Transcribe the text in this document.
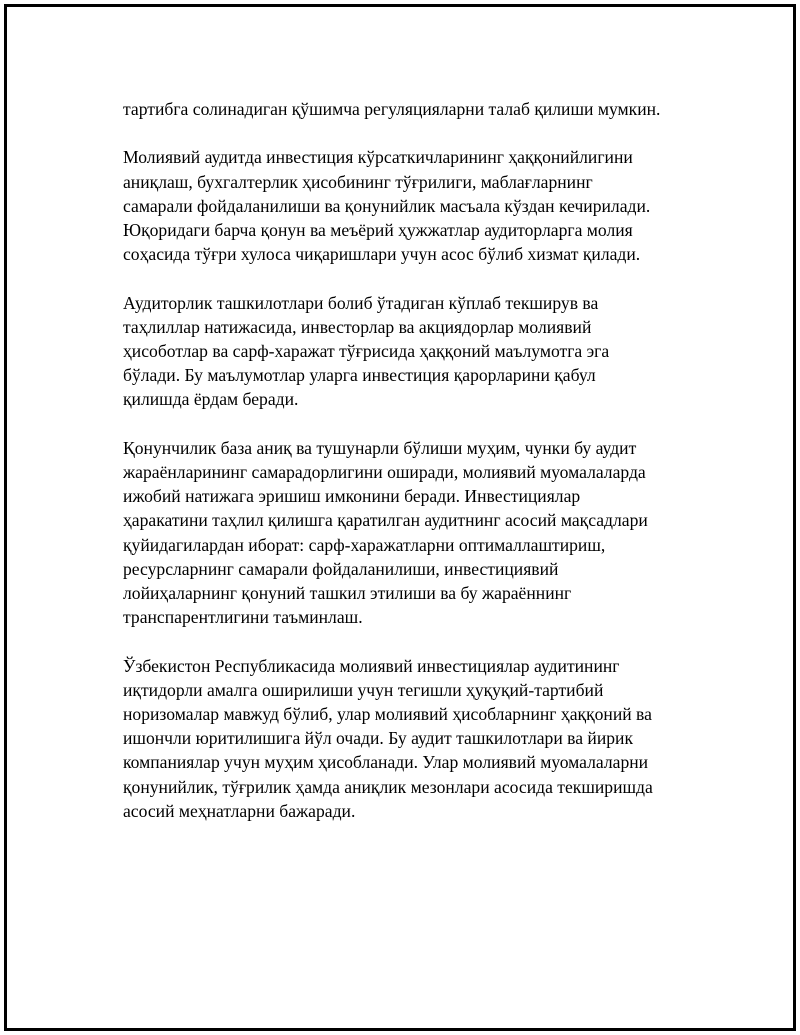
тартибга солинадиган қўшимча регуляцияларни талаб қилиши мумкин.

Молиявий аудитда инвестиция кўрсаткичларининг ҳаққонийлигини
аниқлаш, бухгалтерлик ҳисобининг тўғрилиги, маблағларнинг
самарали фойдаланилиши ва қонунийлик масъала кўздан кечирилади.
Юқоридаги барча қонун ва меъёрий ҳужжатлар аудиторларга молия
соҳасида тўғри хулоса чиқаришлари учун асос бўлиб хизмат қилади.

Аудиторлик ташкилотлари болиб ўтадиган кўплаб текширув ва
таҳлиллар натижасида, инвесторлар ва акциядорлар молиявий
ҳисоботлар ва сарф-харажат тўғрисида ҳаққоний маълумотга эга
бўлади. Бу маълумотлар уларга инвестиция қарорларини қабул
қилишда ёрдам беради.

Қонунчилик база аниқ ва тушунарли бўлиши муҳим, чунки бу аудит
жараёнларининг самарадорлигини оширади, молиявий муомалаларда
ижобий натижага эришиш имконини беради. Инвестициялар
ҳаракатини таҳлил қилишга қаратилган аудитнинг асосий мақсадлари
қуйидагилардан иборат: сарф-харажатларни оптималлаштириш,
ресурсларнинг самарали фойдаланилиши, инвестициявий
лойиҳаларнинг қонуний ташкил этилиши ва бу жараённинг
транспарентлигини таъминлаш.

Ўзбекистон Республикасида молиявий инвестициялар аудитининг
иқтидорли амалга оширилиши учун тегишли ҳуқуқий-тартибий
норизомалар мавжуд бўлиб, улар молиявий ҳисобларнинг ҳаққоний ва
ишончли юритилишига йўл очади. Бу аудит ташкилотлари ва йирик
компаниялар учун муҳим ҳисобланади. Улар молиявий муомалаларни
қонунийлик, тўғрилик ҳамда аниқлик мезонлари асосида текширишда
асосий меҳнатларни бажаради.
